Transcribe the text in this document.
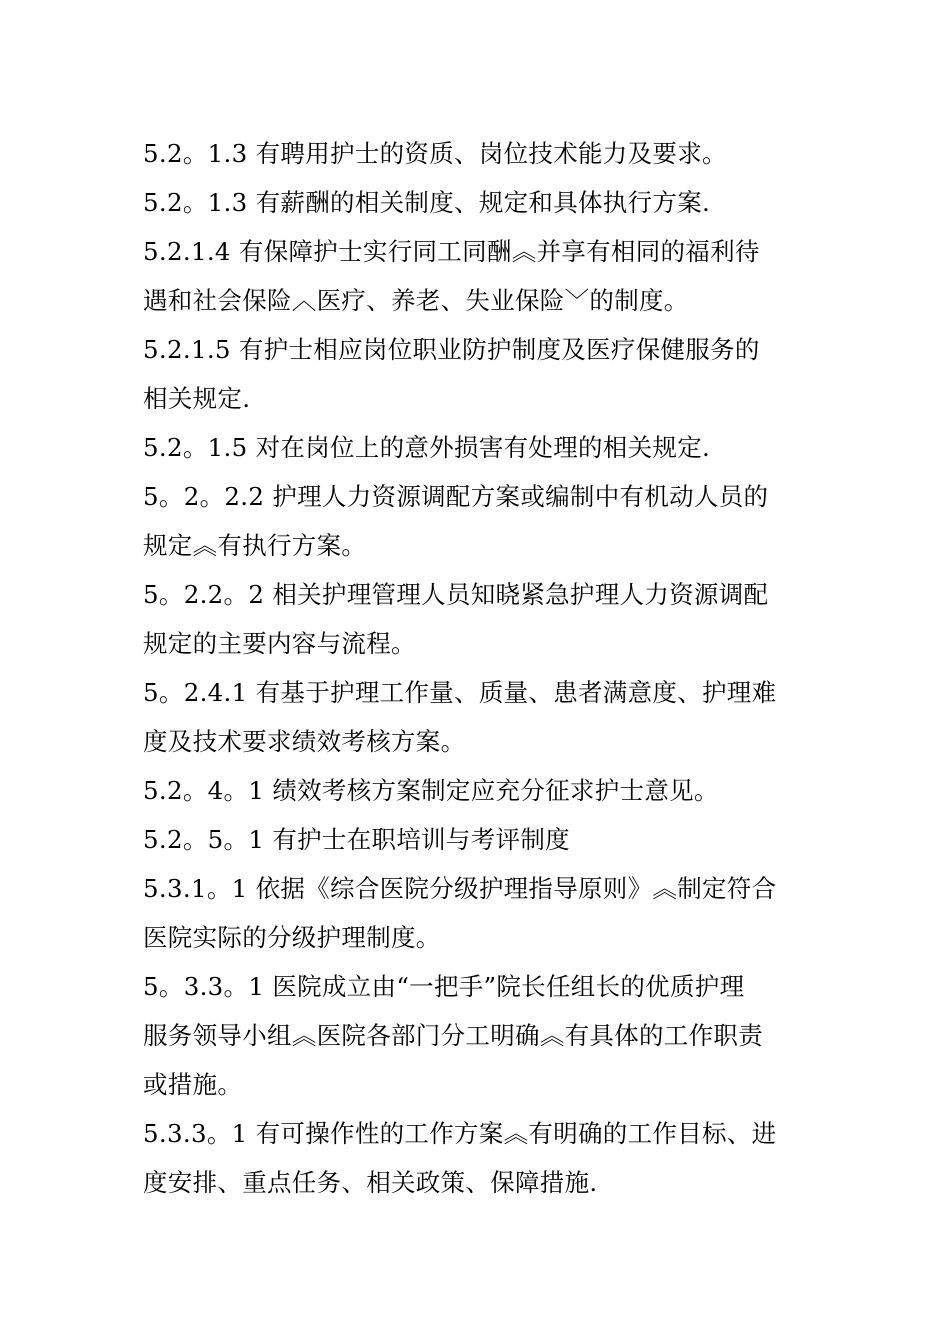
5.2。1.3 有聘用护士的资质、岗位技术能力及要求。
5.2。1.3 有薪酬的相关制度、规定和具体执行方案.
5.2.1.4 有保障护士实行同工同酬︽并享有相同的福利待
遇和社会保险︿医疗、养老、失业保险﹀的制度。
5.2.1.5 有护士相应岗位职业防护制度及医疗保健服务的
相关规定.
5.2。1.5 对在岗位上的意外损害有处理的相关规定.
5。2。2.2 护理人力资源调配方案或编制中有机动人员的
规定︽有执行方案。
5。2.2。2 相关护理管理人员知晓紧急护理人力资源调配
规定的主要内容与流程。
5。2.4.1 有基于护理工作量、质量、患者满意度、护理难
度及技术要求绩效考核方案。
5.2。4。1 绩效考核方案制定应充分征求护士意见。
5.2。5。1 有护士在职培训与考评制度
5.3.1。1 依据《综合医院分级护理指导原则》︽制定符合
医院实际的分级护理制度。
5。3.3。1 医院成立由“一把手”院长任组长的优质护理
服务领导小组︽医院各部门分工明确︽有具体的工作职责
或措施。
5.3.3。1 有可操作性的工作方案︽有明确的工作目标、进
度安排、重点任务、相关政策、保障措施.
